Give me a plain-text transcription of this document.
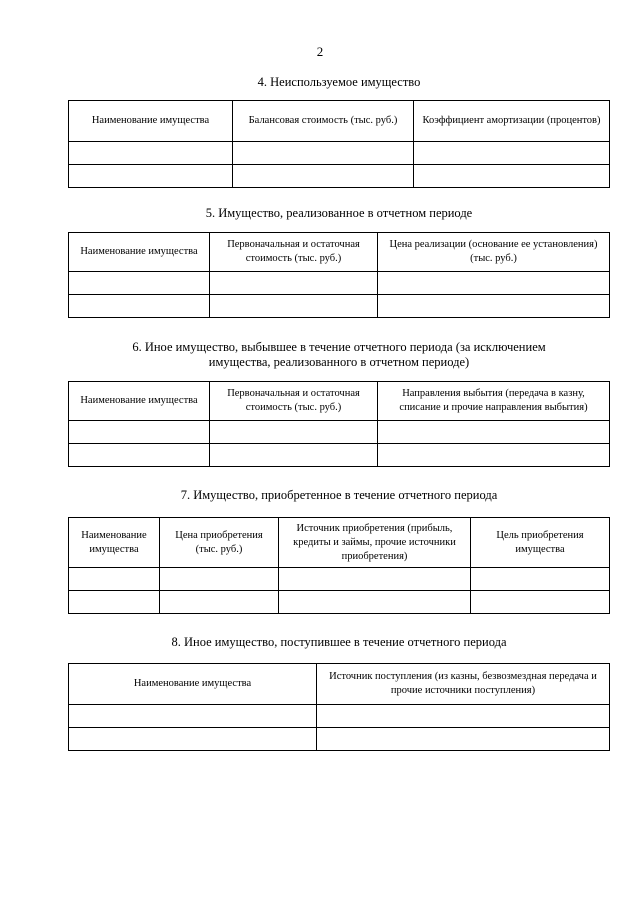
2

4. Неиспользуемое имущество

Наименование имущества	Балансовая стоимость (тыс. руб.)	Коэффициент амортизации (процентов)

5. Имущество, реализованное в отчетном периоде

Наименование имущества	Первоначальная и остаточная стоимость (тыс. руб.)	Цена реализации (основание ее установления) (тыс. руб.)

6. Иное имущество, выбывшее в течение отчетного периода (за исключением
имущества, реализованного в отчетном периоде)

Наименование имущества	Первоначальная и остаточная стоимость (тыс. руб.)	Направления выбытия (передача в казну, списание и прочие направления выбытия)

7. Имущество, приобретенное в течение отчетного периода

Наименование имущества	Цена приобретения (тыс. руб.)	Источник приобретения (прибыль, кредиты и займы, прочие источники приобретения)	Цель приобретения имущества

8. Иное имущество, поступившее в течение отчетного периода

Наименование имущества	Источник поступления (из казны, безвозмездная передача и прочие источники поступления)
